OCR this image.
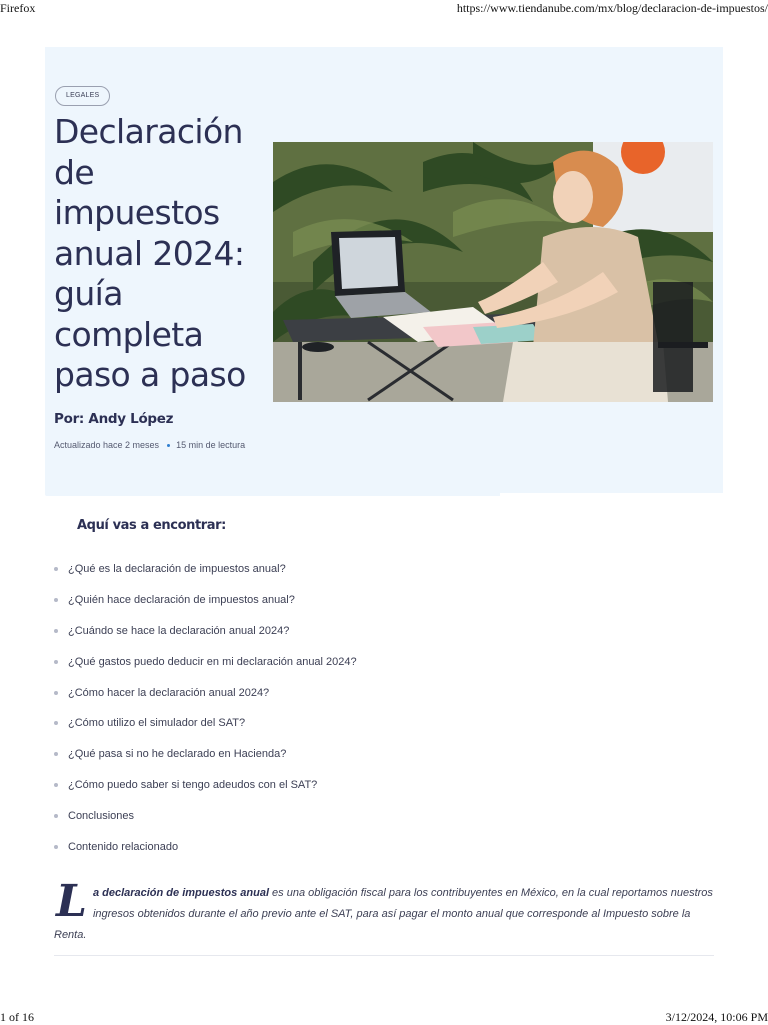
Firefox	https://www.tiendanube.com/mx/blog/declaracion-de-impuestos/
LEGALES
Declaración de impuestos anual 2024: guía completa paso a paso
Por: Andy López
Actualizado hace 2 meses 15 min de lectura
Aquí vas a encontrar:
¿Qué es la declaración de impuestos anual?
¿Quién hace declaración de impuestos anual?
¿Cuándo se hace la declaración anual 2024?
¿Qué gastos puedo deducir en mi declaración anual 2024?
¿Cómo hacer la declaración anual 2024?
¿Cómo utilizo el simulador del SAT?
¿Qué pasa si no he declarado en Hacienda?
¿Cómo puedo saber si tengo adeudos con el SAT?
Conclusiones
Contenido relacionado

La declaración de impuestos anual es una obligación fiscal para los contribuyentes en México, en la cual reportamos nuestros ingresos obtenidos durante el año previo ante el SAT, para así pagar el monto anual que corresponde al Impuesto sobre la Renta.

1 of 16	3/12/2024, 10:06 PM
